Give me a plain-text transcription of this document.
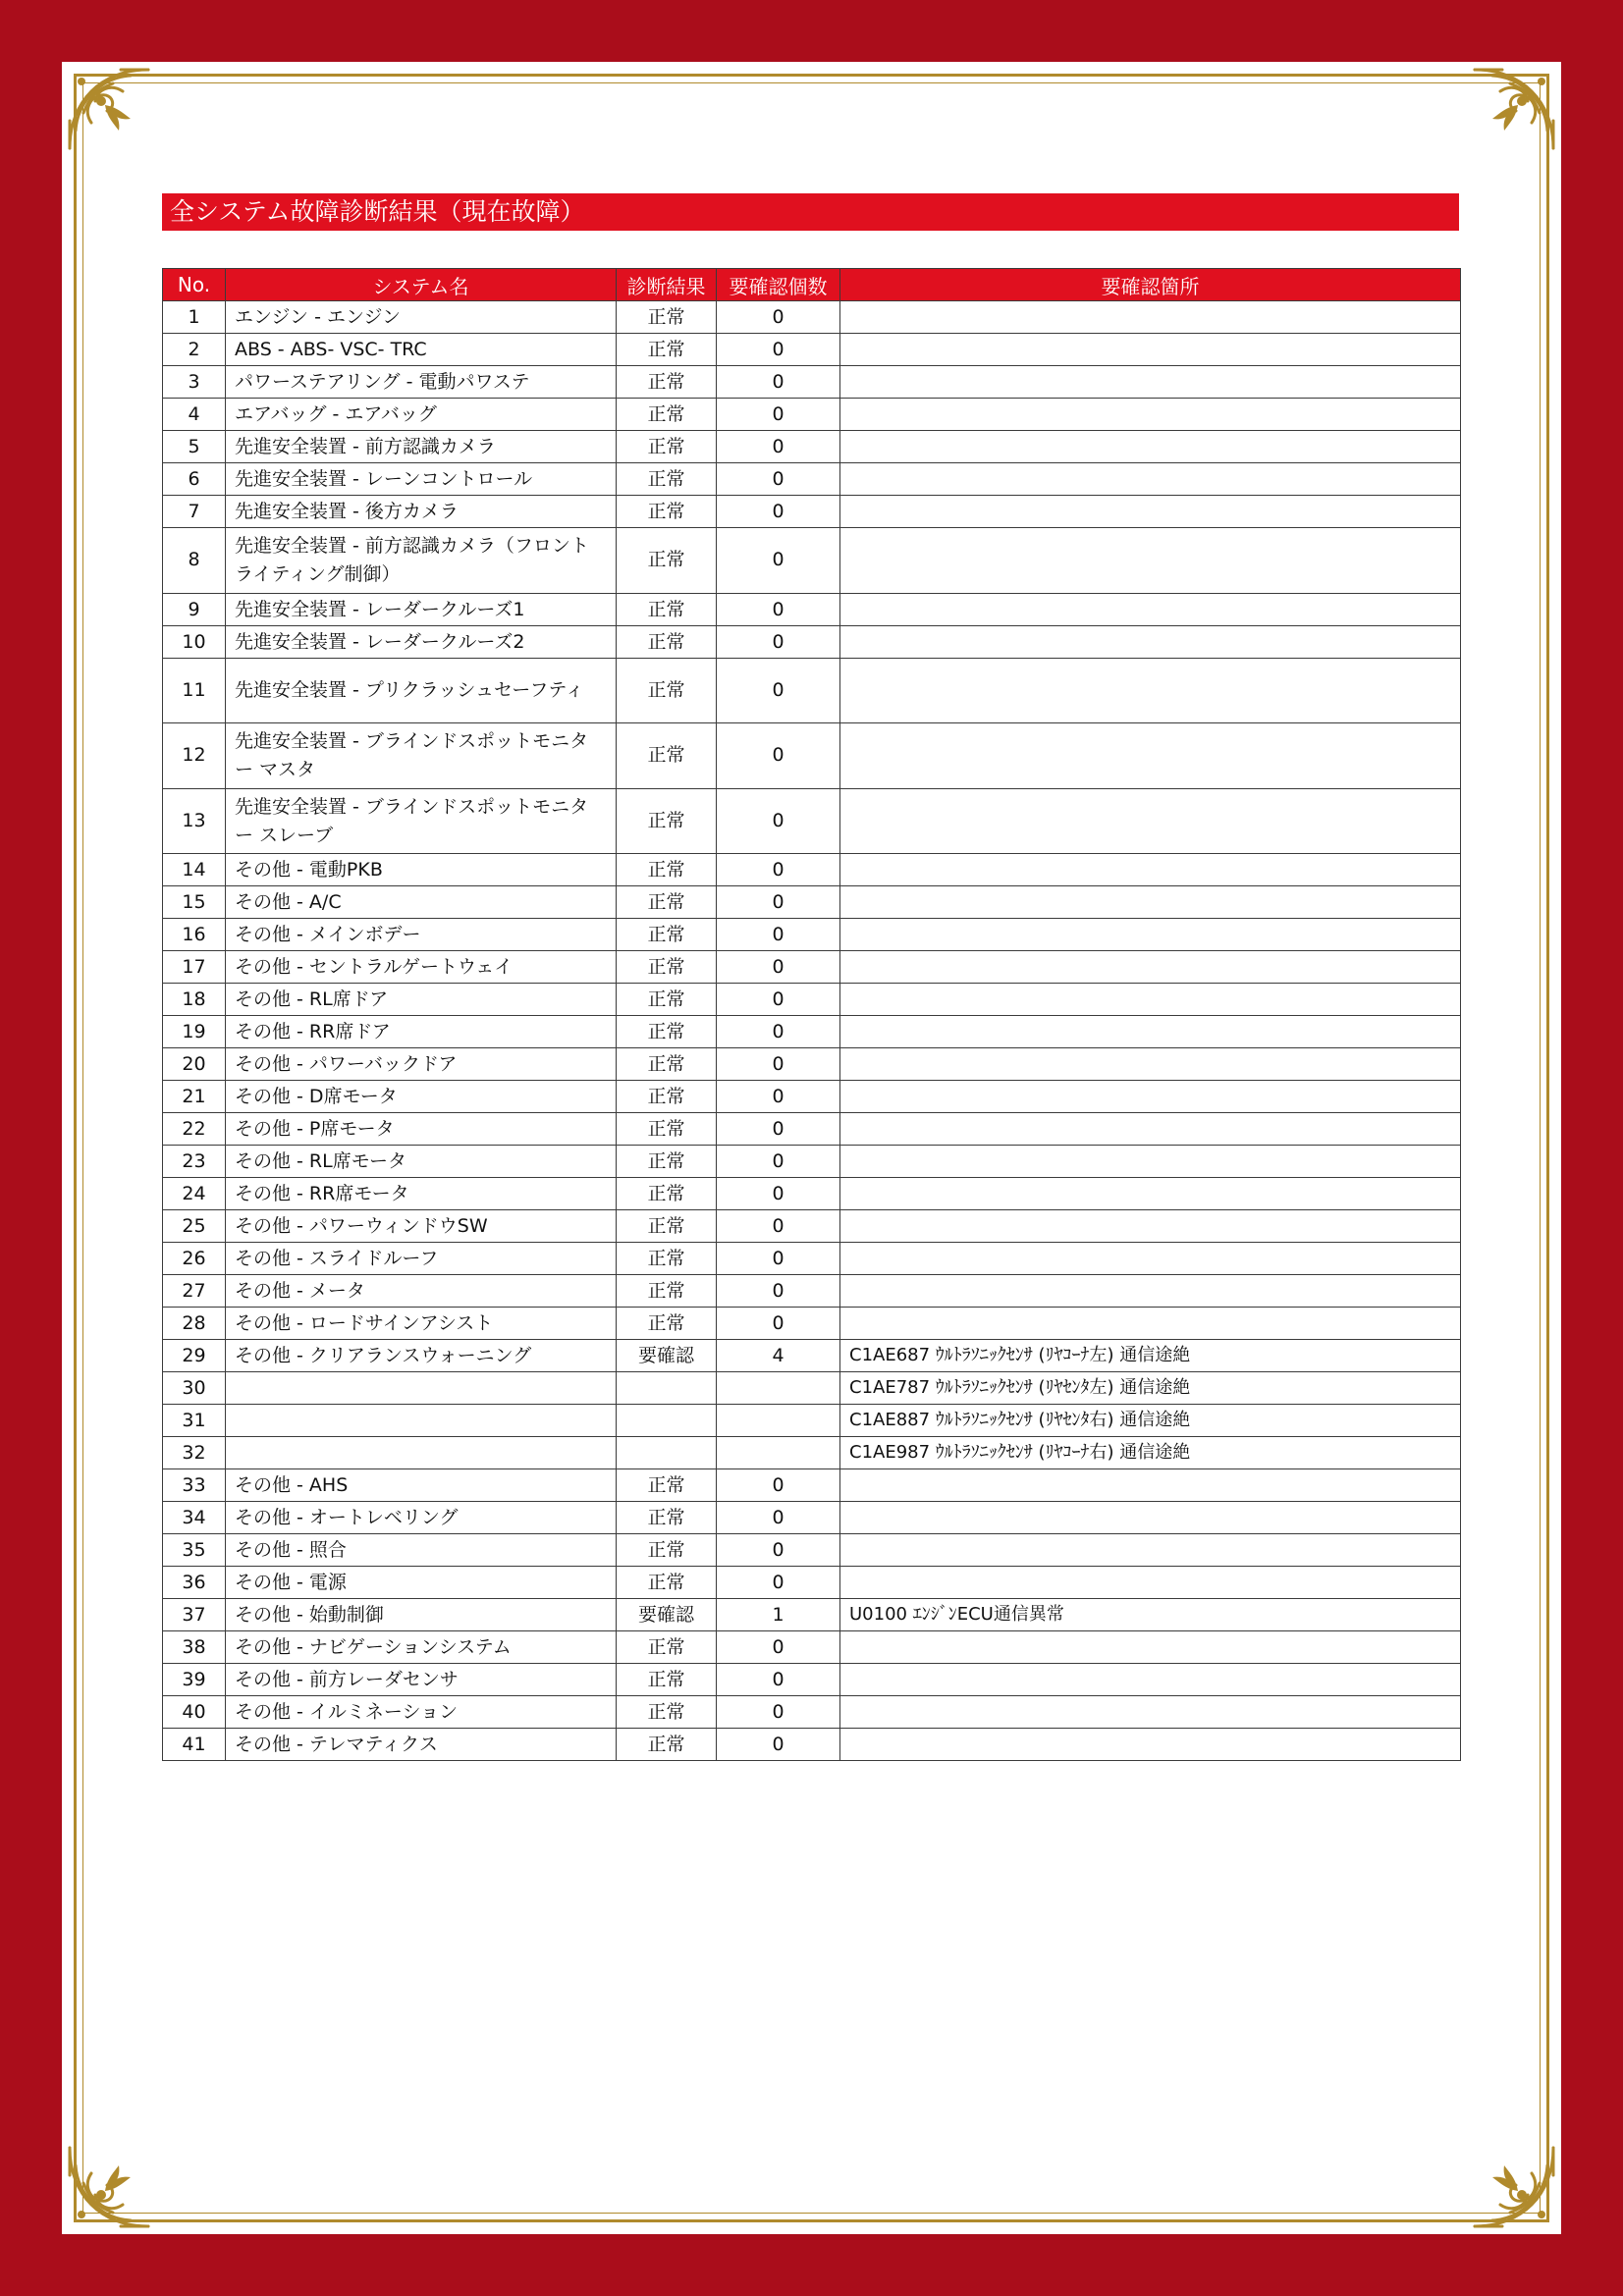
全システム故障診断結果（現在故障）
No.	システム名	診断結果	要確認個数	要確認箇所
1	エンジン - エンジン	正常	0	
2	ABS - ABS- VSC- TRC	正常	0	
3	パワーステアリング - 電動パワステ	正常	0	
4	エアバッグ - エアバッグ	正常	0	
5	先進安全装置 - 前方認識カメラ	正常	0	
6	先進安全装置 - レーンコントロール	正常	0	
7	先進安全装置 - 後方カメラ	正常	0	
8	先進安全装置 - 前方認識カメラ（フロントライティング制御）	正常	0	
9	先進安全装置 - レーダークルーズ1	正常	0	
10	先進安全装置 - レーダークルーズ2	正常	0	
11	先進安全装置 - プリクラッシュセーフティ	正常	0	
12	先進安全装置 - ブラインドスポットモニター マスタ	正常	0	
13	先進安全装置 - ブラインドスポットモニター スレーブ	正常	0	
14	その他 - 電動PKB	正常	0	
15	その他 - A/C	正常	0	
16	その他 - メインボデー	正常	0	
17	その他 - セントラルゲートウェイ	正常	0	
18	その他 - RL席ドア	正常	0	
19	その他 - RR席ドア	正常	0	
20	その他 - パワーバックドア	正常	0	
21	その他 - D席モータ	正常	0	
22	その他 - P席モータ	正常	0	
23	その他 - RL席モータ	正常	0	
24	その他 - RR席モータ	正常	0	
25	その他 - パワーウィンドウSW	正常	0	
26	その他 - スライドルーフ	正常	0	
27	その他 - メータ	正常	0	
28	その他 - ロードサインアシスト	正常	0	
29	その他 - クリアランスウォーニング	要確認	4	C1AE687 ｳﾙﾄﾗｿﾆｯｸｾﾝｻ (ﾘﾔｺｰﾅ左) 通信途絶
30				C1AE787 ｳﾙﾄﾗｿﾆｯｸｾﾝｻ (ﾘﾔｾﾝﾀ左) 通信途絶
31				C1AE887 ｳﾙﾄﾗｿﾆｯｸｾﾝｻ (ﾘﾔｾﾝﾀ右) 通信途絶
32				C1AE987 ｳﾙﾄﾗｿﾆｯｸｾﾝｻ (ﾘﾔｺｰﾅ右) 通信途絶
33	その他 - AHS	正常	0	
34	その他 - オートレベリング	正常	0	
35	その他 - 照合	正常	0	
36	その他 - 電源	正常	0	
37	その他 - 始動制御	要確認	1	U0100 ｴﾝｼﾞﾝECU通信異常
38	その他 - ナビゲーションシステム	正常	0	
39	その他 - 前方レーダセンサ	正常	0	
40	その他 - イルミネーション	正常	0	
41	その他 - テレマティクス	正常	0	
